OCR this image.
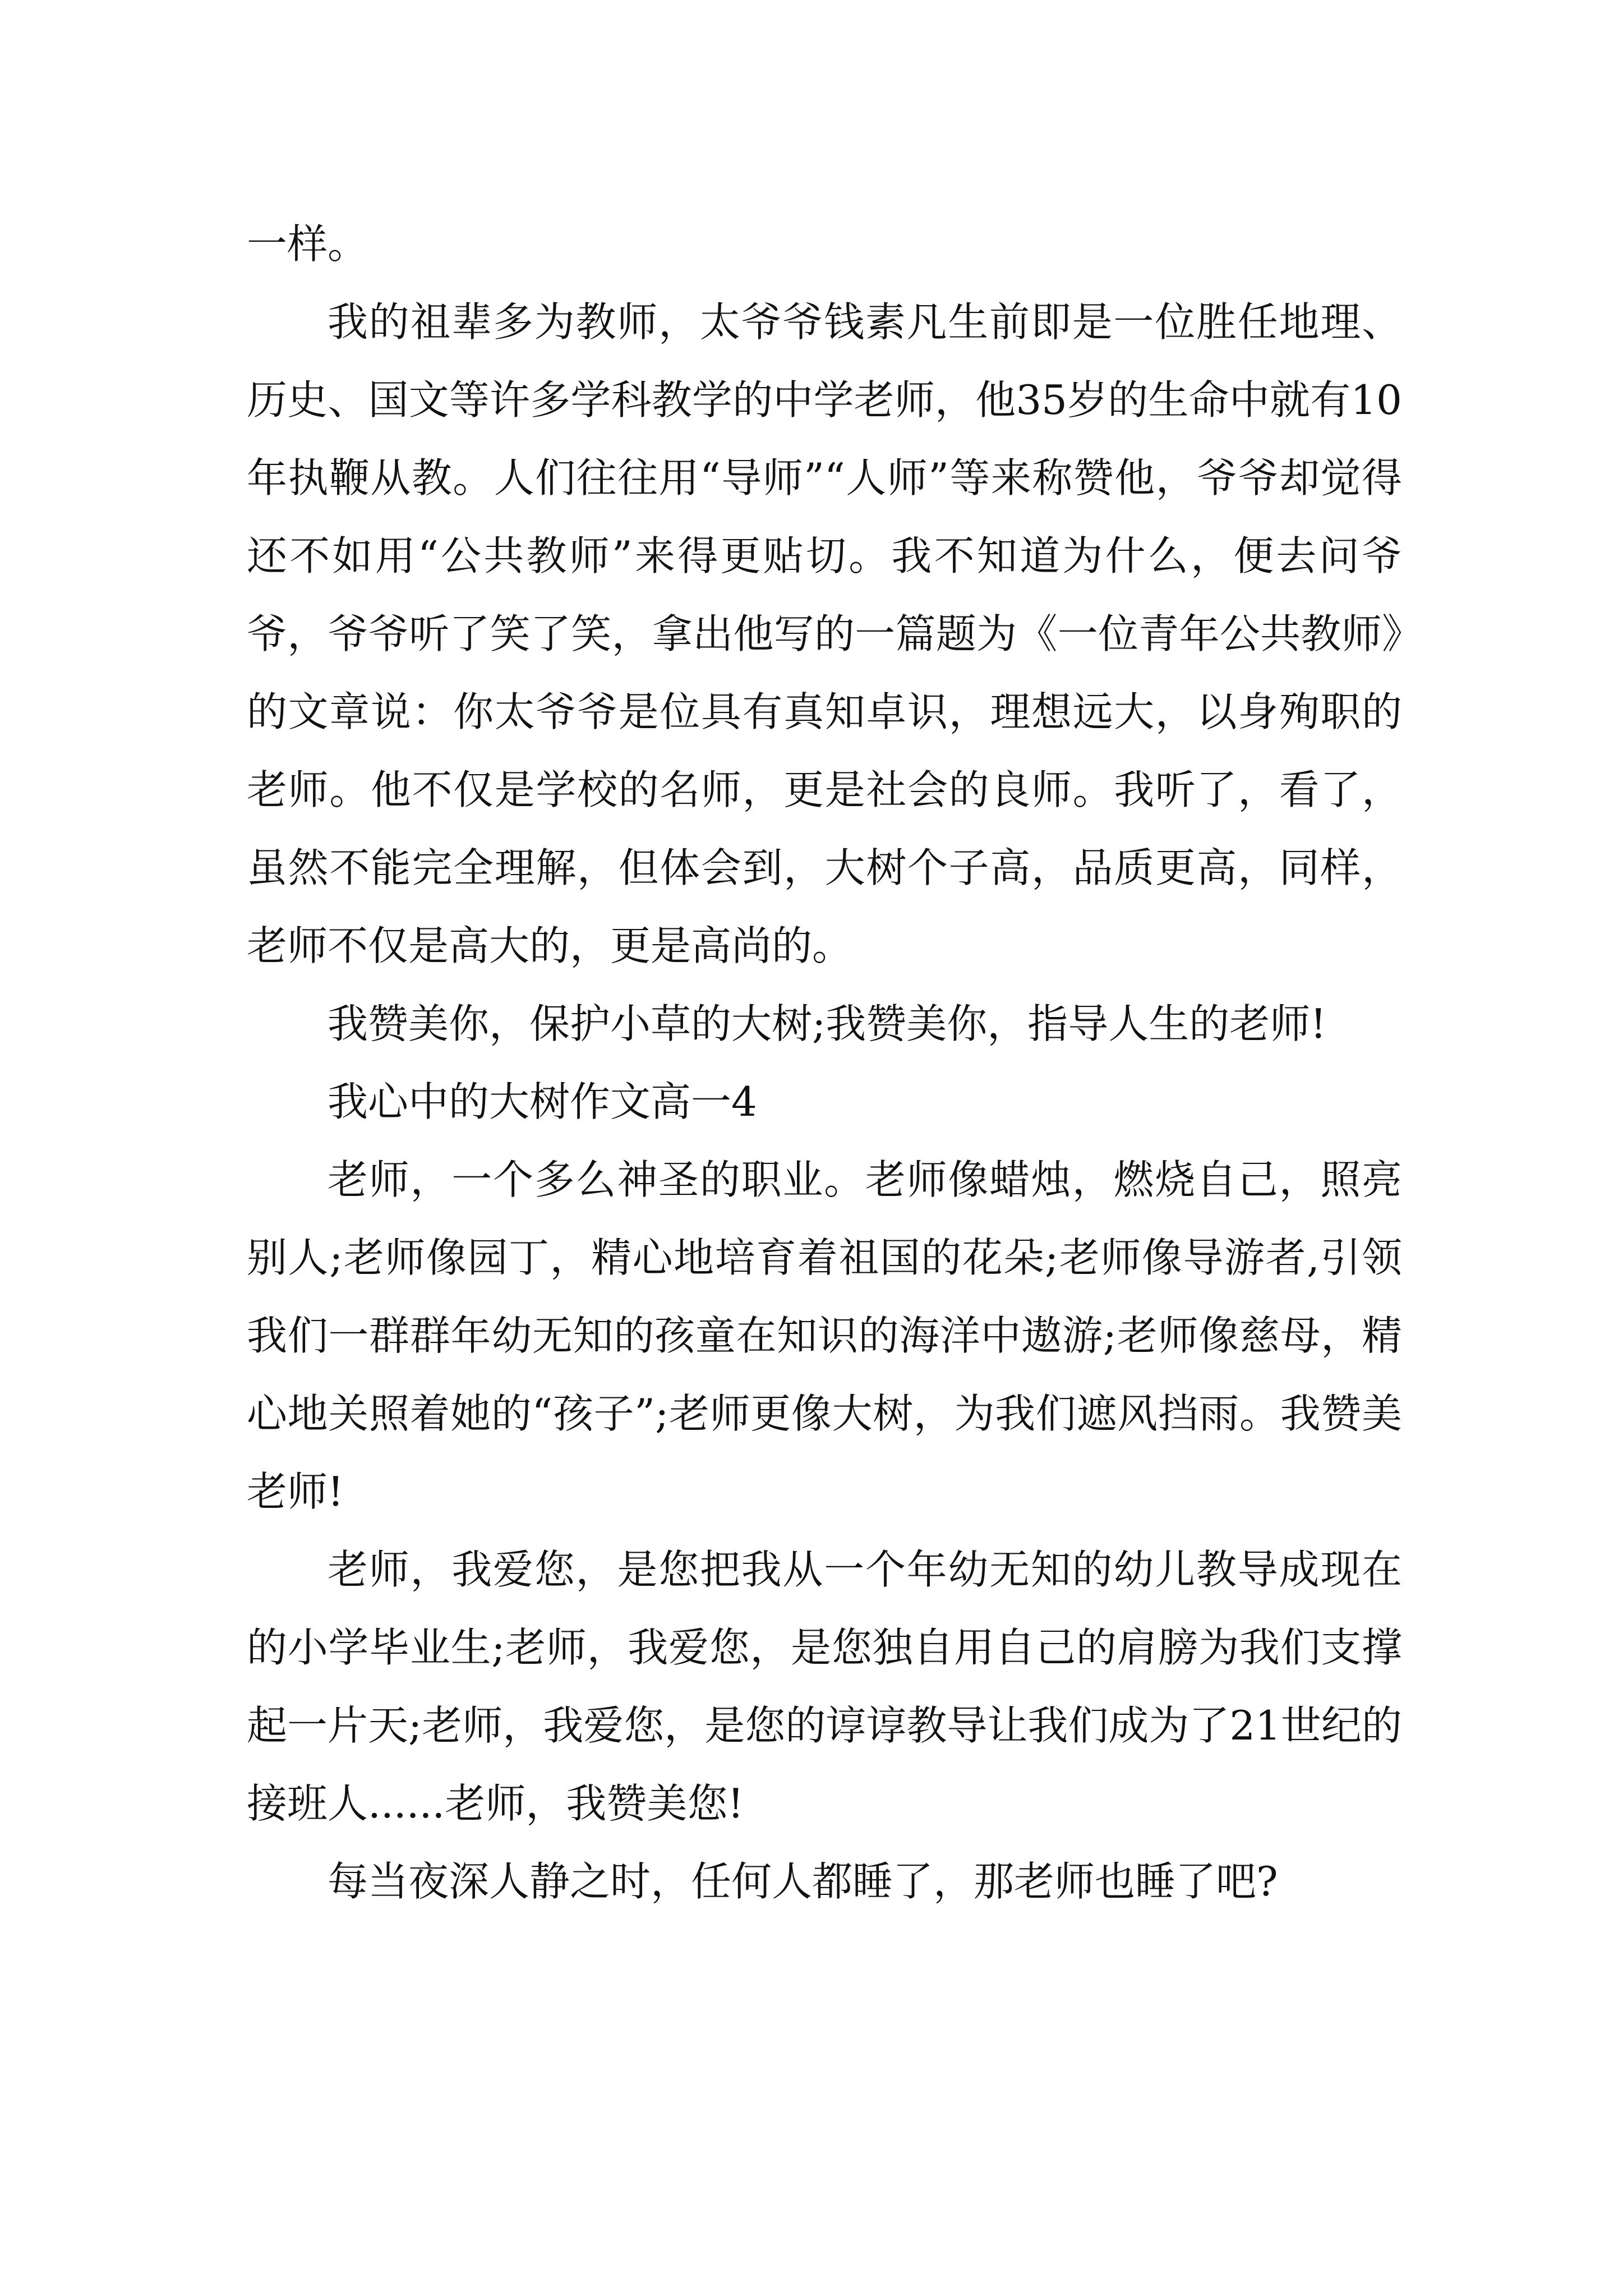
一样。

我的祖辈多为教师，太爷爷钱素凡生前即是一位胜任地理、历史、国文等许多学科教学的中学老师，他35岁的生命中就有10年执鞭从教。人们往往用“导师”“人师”等来称赞他，爷爷却觉得还不如用“公共教师”来得更贴切。我不知道为什么，便去问爷爷，爷爷听了笑了笑，拿出他写的一篇题为《一位青年公共教师》的文章说：你太爷爷是位具有真知卓识，理想远大，以身殉职的老师。他不仅是学校的名师，更是社会的良师。我听了，看了，虽然不能完全理解，但体会到，大树个子高，品质更高，同样，老师不仅是高大的，更是高尚的。

我赞美你，保护小草的大树;我赞美你，指导人生的老师!

我心中的大树作文高一4

老师，一个多么神圣的职业。老师像蜡烛，燃烧自己，照亮别人;老师像园丁，精心地培育着祖国的花朵;老师像导游者,引领我们一群群年幼无知的孩童在知识的海洋中遨游;老师像慈母，精心地关照着她的“孩子”;老师更像大树，为我们遮风挡雨。我赞美老师!

老师，我爱您，是您把我从一个年幼无知的幼儿教导成现在的小学毕业生;老师，我爱您，是您独自用自己的肩膀为我们支撑起一片天;老师，我爱您，是您的谆谆教导让我们成为了21世纪的接班人......老师，我赞美您!

每当夜深人静之时，任何人都睡了，那老师也睡了吧?
